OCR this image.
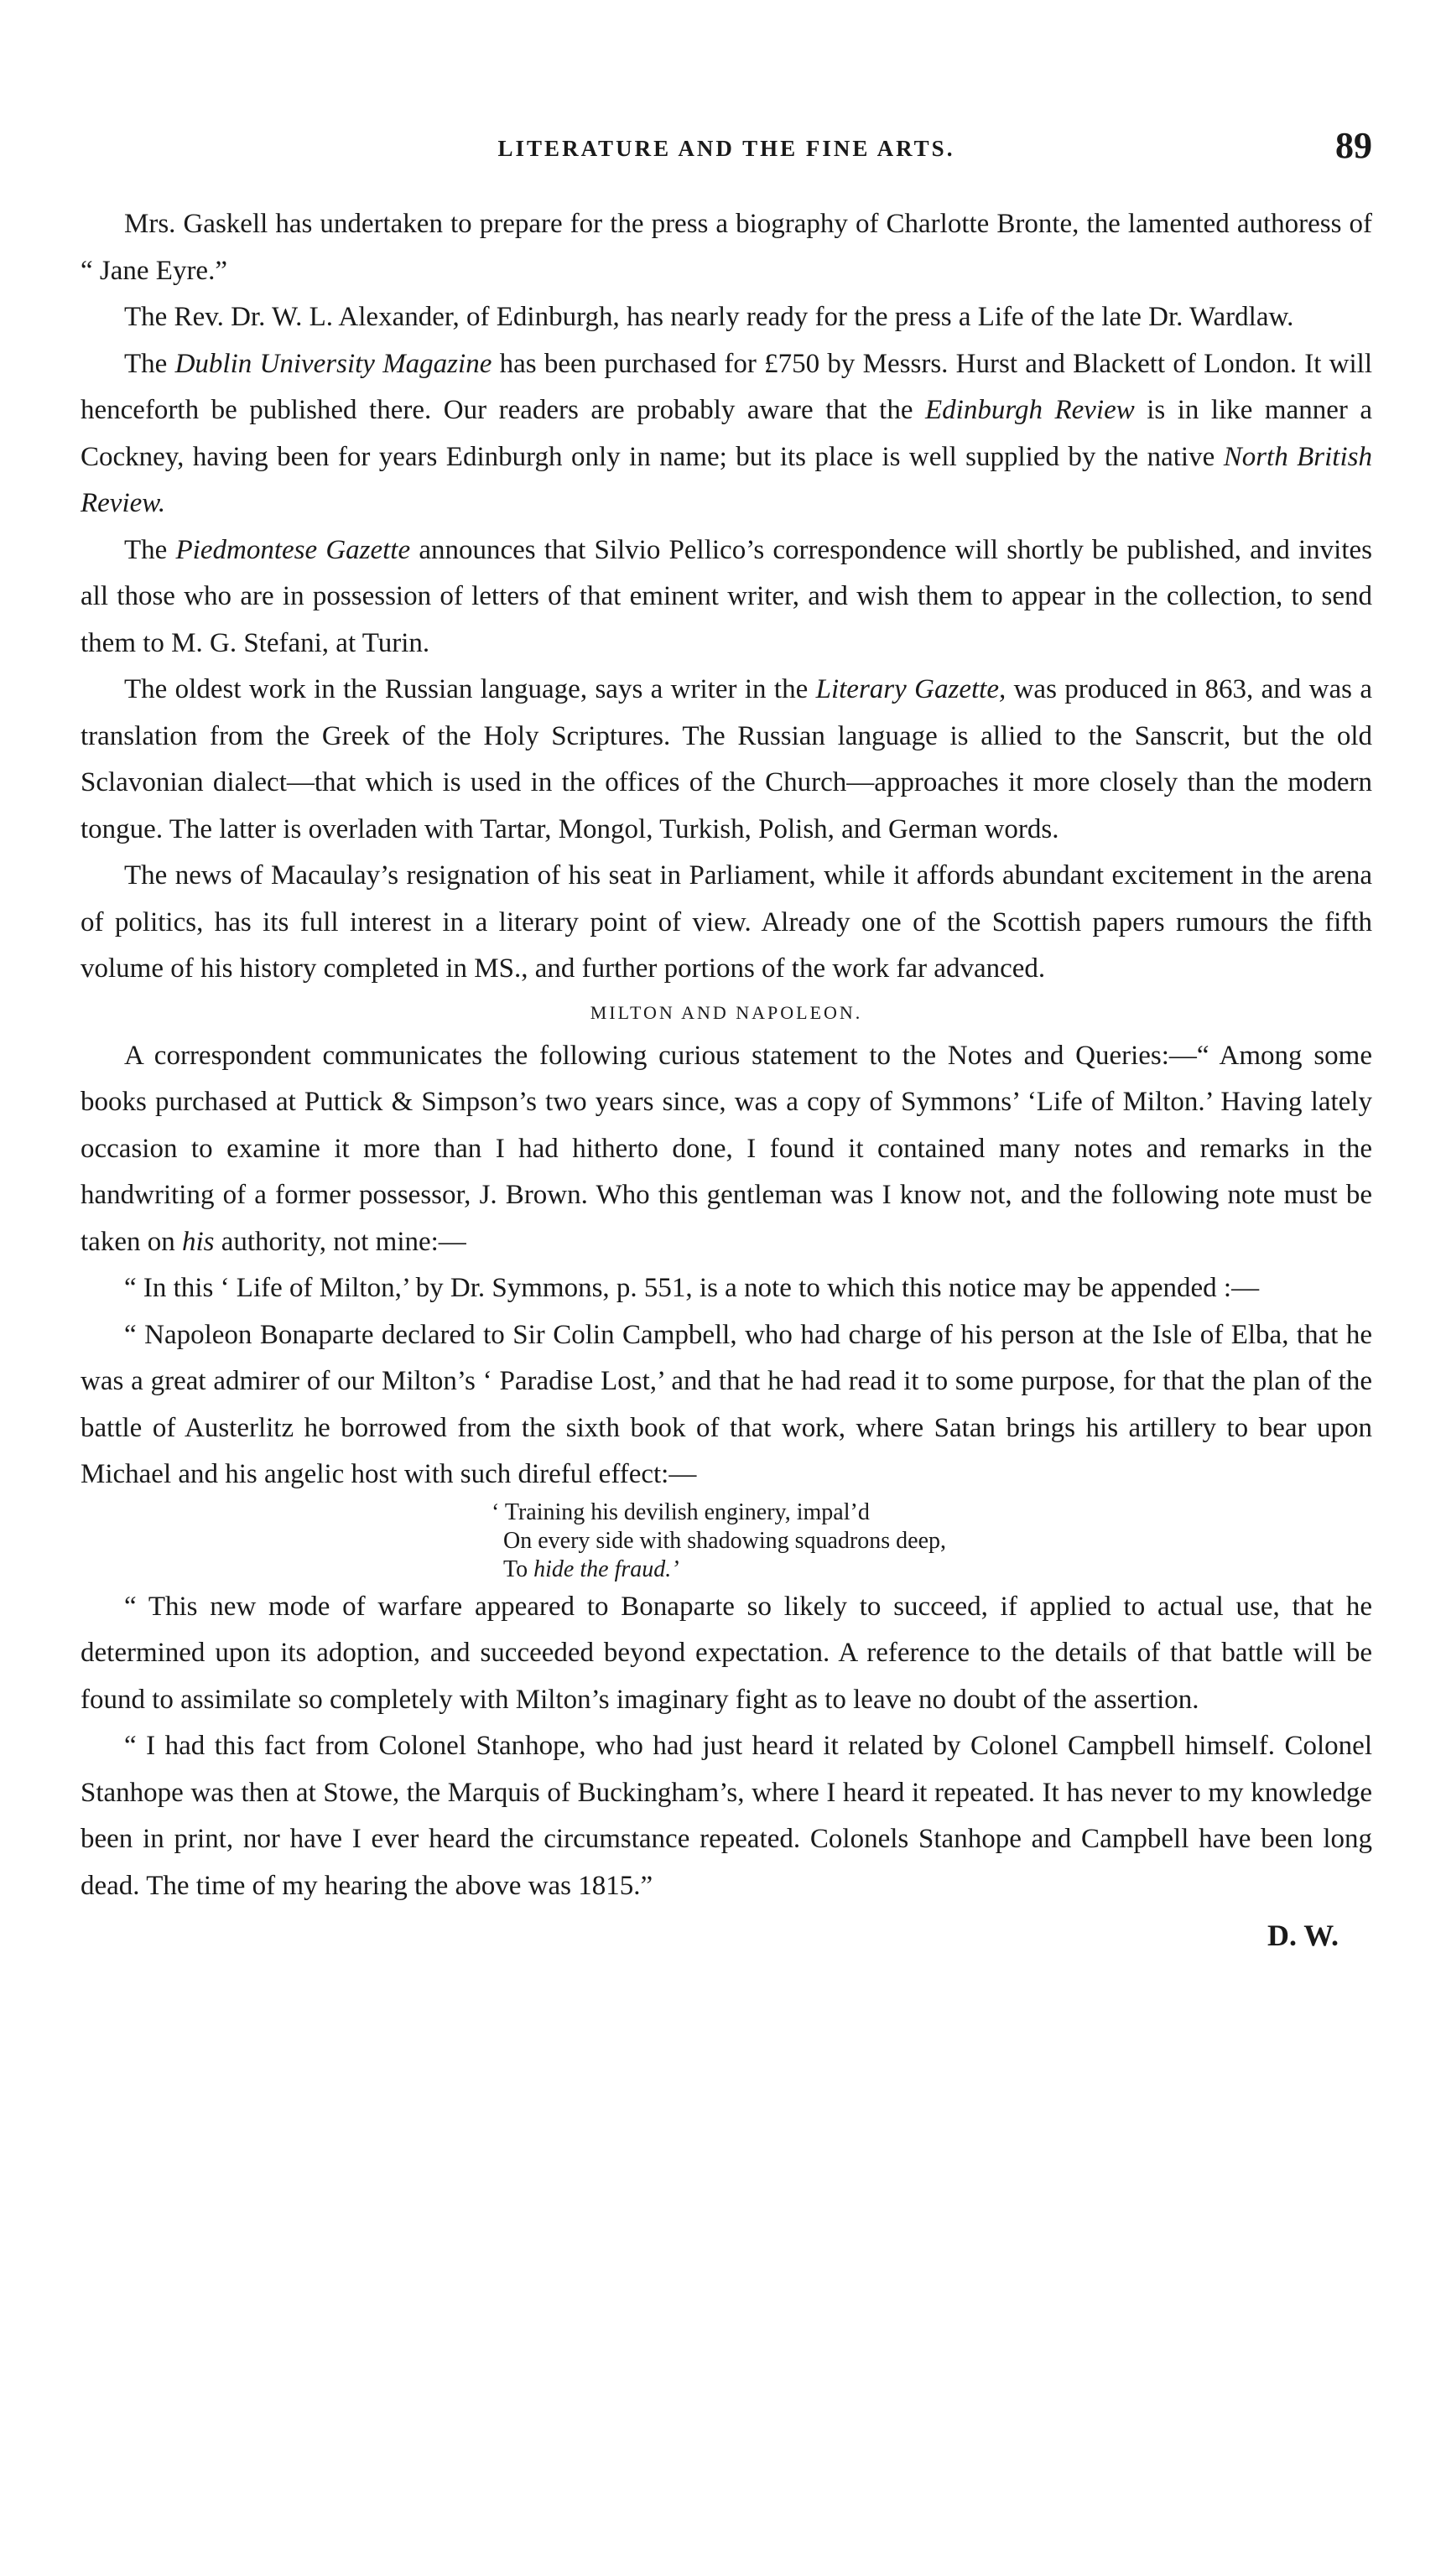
LITERATURE AND THE FINE ARTS.	89

Mrs. Gaskell has undertaken to prepare for the press a biography of Charlotte Bronte, the lamented authoress of “ Jane Eyre.”

The Rev. Dr. W. L. Alexander, of Edinburgh, has nearly ready for the press a Life of the late Dr. Wardlaw.

The Dublin University Magazine has been purchased for £750 by Messrs. Hurst and Blackett of London. It will henceforth be published there. Our readers are probably aware that the Edinburgh Review is in like manner a Cockney, having been for years Edinburgh only in name; but its place is well supplied by the native North British Review.

The Piedmontese Gazette announces that Silvio Pellico’s correspondence will shortly be published, and invites all those who are in possession of letters of that eminent writer, and wish them to appear in the collection, to send them to M. G. Stefani, at Turin.

The oldest work in the Russian language, says a writer in the Literary Gazette, was produced in 863, and was a translation from the Greek of the Holy Scriptures. The Russian language is allied to the Sanscrit, but the old Sclavonian dialect—that which is used in the offices of the Church—approaches it more closely than the modern tongue. The latter is overladen with Tartar, Mongol, Turkish, Polish, and German words.

The news of Macaulay’s resignation of his seat in Parliament, while it affords abundant excitement in the arena of politics, has its full interest in a literary point of view. Already one of the Scottish papers rumours the fifth volume of his history completed in MS., and further portions of the work far advanced.

MILTON AND NAPOLEON.

A correspondent communicates the following curious statement to the Notes and Queries:—“ Among some books purchased at Puttick & Simpson’s two years since, was a copy of Symmons’ ‘Life of Milton.’ Having lately occasion to examine it more than I had hitherto done, I found it contained many notes and remarks in the handwriting of a former possessor, J. Brown. Who this gentleman was I know not, and the following note must be taken on his authority, not mine:—

“ In this ‘ Life of Milton,’ by Dr. Symmons, p. 551, is a note to which this notice may be appended :—

“ Napoleon Bonaparte declared to Sir Colin Campbell, who had charge of his person at the Isle of Elba, that he was a great admirer of our Milton’s ‘ Paradise Lost,’ and that he had read it to some purpose, for that the plan of the battle of Austerlitz he borrowed from the sixth book of that work, where Satan brings his artillery to bear upon Michael and his angelic host with such direful effect:—

‘ Training his devilish enginery, impal’d
On every side with shadowing squadrons deep,
To hide the fraud.’

“ This new mode of warfare appeared to Bonaparte so likely to succeed, if applied to actual use, that he determined upon its adoption, and succeeded beyond expectation. A reference to the details of that battle will be found to assimilate so completely with Milton’s imaginary fight as to leave no doubt of the assertion.

“ I had this fact from Colonel Stanhope, who had just heard it related by Colonel Campbell himself. Colonel Stanhope was then at Stowe, the Marquis of Buckingham’s, where I heard it repeated. It has never to my knowledge been in print, nor have I ever heard the circumstance repeated. Colonels Stanhope and Campbell have been long dead. The time of my hearing the above was 1815.”

D. W.
